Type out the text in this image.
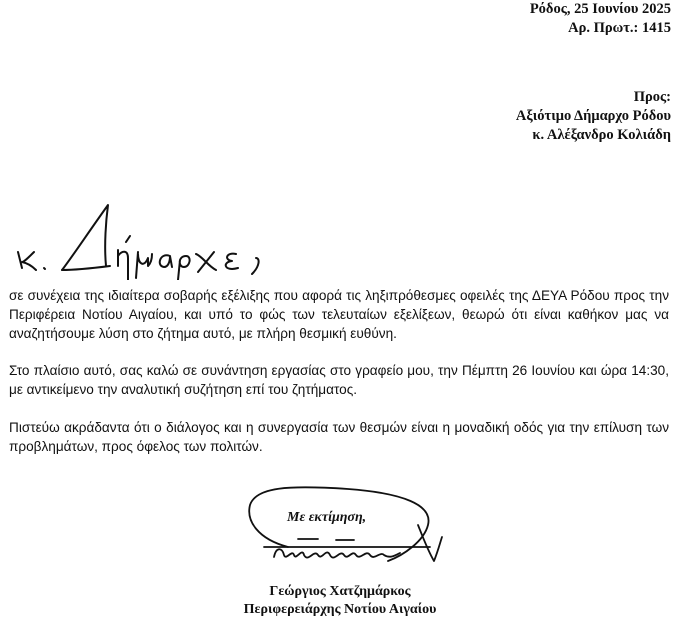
Ρόδος, 25 Ιουνίου 2025
Αρ. Πρωτ.: 1415
Προς:
Αξιότιμο Δήμαρχο Ρόδου
κ. Αλέξανδρο Κολιάδη
σε συνέχεια της ιδιαίτερα σοβαρής εξέλιξης που αφορά τις ληξιπρόθεσμες οφειλές της ΔΕΥΑ Ρόδου προς την Περιφέρεια Νοτίου Αιγαίου, και υπό το φώς των τελευταίων εξελίξεων, θεωρώ ότι είναι καθήκον μας να αναζητήσουμε λύση στο ζήτημα αυτό, με πλήρη θεσμική ευθύνη.
Στο πλαίσιο αυτό, σας καλώ σε συνάντηση εργασίας στο γραφείο μου, την Πέμπτη 26 Ιουνίου και ώρα 14:30, με αντικείμενο την αναλυτική συζήτηση επί του ζητήματος.
Πιστεύω ακράδαντα ότι ο διάλογος και η συνεργασία των θεσμών είναι η μοναδική οδός για την επίλυση των προβλημάτων, προς όφελος των πολιτών.
Με εκτίμηση,
Γεώργιος Χατζημάρκος
Περιφερειάρχης Νοτίου Αιγαίου
